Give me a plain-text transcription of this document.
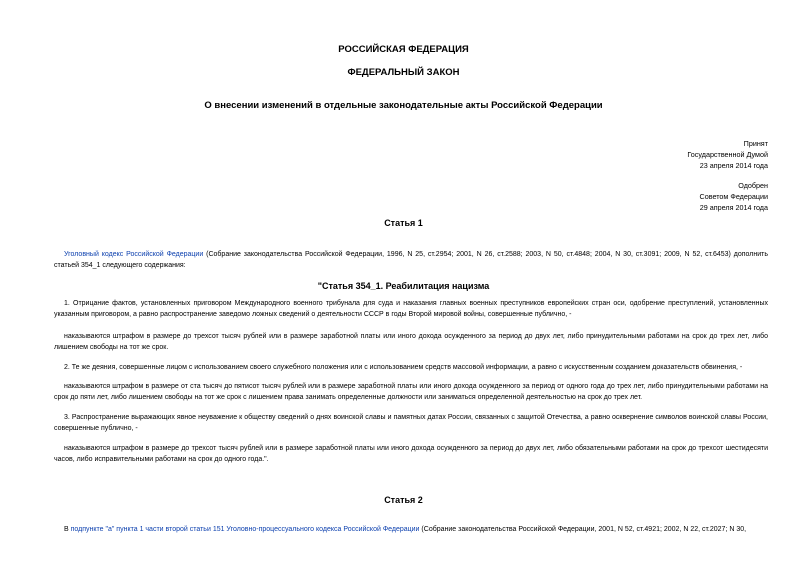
РОССИЙСКАЯ ФЕДЕРАЦИЯ
ФЕДЕРАЛЬНЫЙ ЗАКОН
О внесении изменений в отдельные законодательные акты Российской Федерации
Принят
Государственной Думой
23 апреля 2014 года
Одобрен
Советом Федерации
29 апреля 2014 года
Статья 1
Уголовный кодекс Российской Федерации (Собрание законодательства Российской Федерации, 1996, N 25, ст.2954; 2001, N 26, ст.2588; 2003, N 50, ст.4848; 2004, N 30, ст.3091; 2009, N 52, ст.6453) дополнить статьей 354_1 следующего содержания:
"Статья 354_1. Реабилитация нацизма
1. Отрицание фактов, установленных приговором Международного военного трибунала для суда и наказания главных военных преступников европейских стран оси, одобрение преступлений, установленных указанным приговором, а равно распространение заведомо ложных сведений о деятельности СССР в годы Второй мировой войны, совершенные публично, -
наказываются штрафом в размере до трехсот тысяч рублей или в размере заработной платы или иного дохода осужденного за период до двух лет, либо принудительными работами на срок до трех лет, либо лишением свободы на тот же срок.
2. Те же деяния, совершенные лицом с использованием своего служебного положения или с использованием средств массовой информации, а равно с искусственным созданием доказательств обвинения, -
наказываются штрафом в размере от ста тысяч до пятисот тысяч рублей или в размере заработной платы или иного дохода осужденного за период от одного года до трех лет, либо принудительными работами на срок до пяти лет, либо лишением свободы на тот же срок с лишением права занимать определенные должности или заниматься определенной деятельностью на срок до трех лет.
3. Распространение выражающих явное неуважение к обществу сведений о днях воинской славы и памятных датах России, связанных с защитой Отечества, а равно осквернение символов воинской славы России, совершенные публично, -
наказываются штрафом в размере до трехсот тысяч рублей или в размере заработной платы или иного дохода осужденного за период до двух лет, либо обязательными работами на срок до трехсот шестидесяти часов, либо исправительными работами на срок до одного года.".
Статья 2
В подпункте "а" пункта 1 части второй статьи 151 Уголовно-процессуального кодекса Российской Федерации (Собрание законодательства Российской Федерации, 2001, N 52, ст.4921; 2002, N 22, ст.2027; N 30,
